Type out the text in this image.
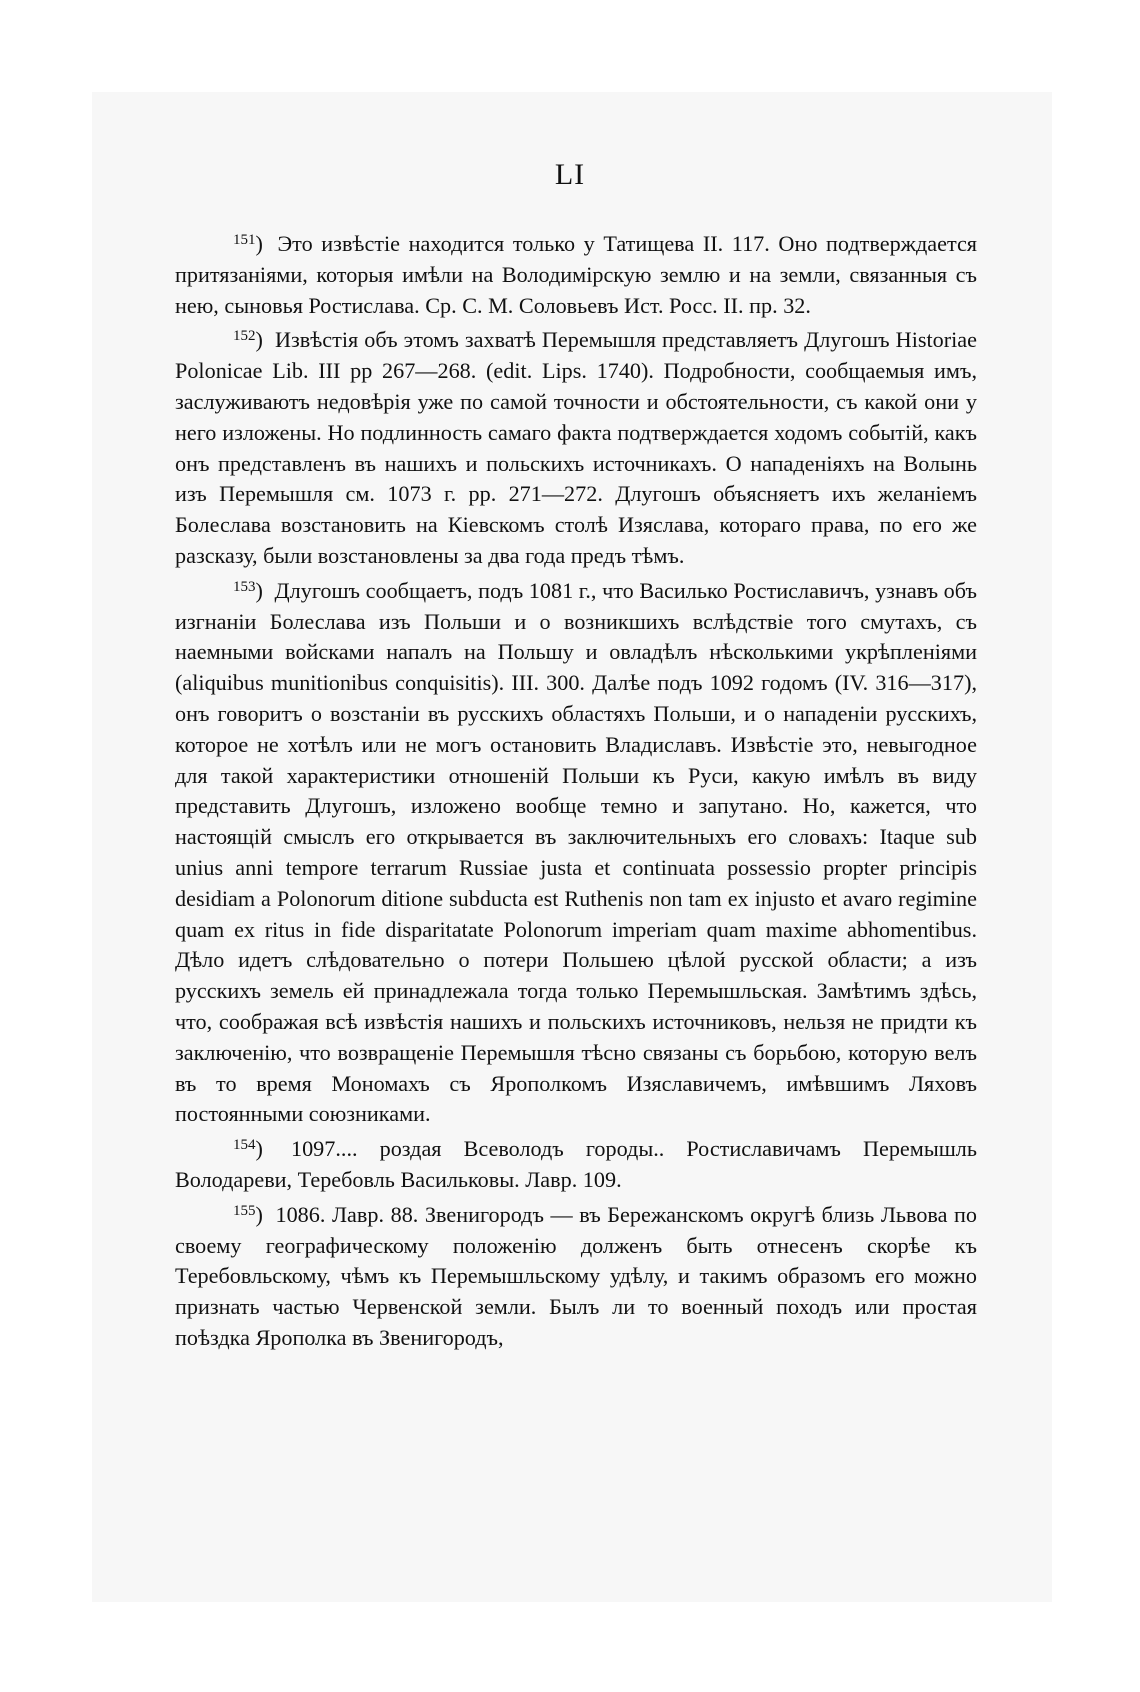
LI

$^{151}$) Это извѣстіе находится только у Татищева II. 117. Оно подтверждается притязаніями, которыя имѣли на Володимірскую землю и на земли, связанныя съ нею, сыновья Ростислава. Ср. С. М. Соловьевъ Ист. Росс. II. пр. 32.

$^{152}$) Извѣстія объ этомъ захватѣ Перемышля представляетъ Длугошъ Historiae Polonicae Lib. III pp 267—268. (edit. Lips. 1740). Подробности, сообщаемыя имъ, заслуживаютъ недовѣрія уже по самой точности и обстоятельности, съ какой они у него изложены. Но подлинность самаго факта подтверждается ходомъ событій, какъ онъ представленъ въ нашихъ и польскихъ источникахъ. О нападеніяхъ на Волынь изъ Перемышля см. 1073 г. pp. 271—272. Длугошъ объясняетъ ихъ желаніемъ Болеслава возстановить на Кіевскомъ столѣ Изяслава, котораго права, по его же разсказу, были возстановлены за два года предъ тѣмъ.

$^{153}$) Длугошъ сообщаетъ, подъ 1081 г., что Василько Ростиславичъ, узнавъ объ изгнаніи Болеслава изъ Польши и о возникшихъ вслѣдствіе того смутахъ, съ наемными войсками напалъ на Польшу и овладѣлъ нѣсколькими укрѣпленіями (aliquibus munitionibus conquisitis). III. 300. Далѣе подъ 1092 годомъ (IV. 316—317), онъ говоритъ о возстаніи въ русскихъ областяхъ Польши, и о нападеніи русскихъ, которое не хотѣлъ или не могъ остановить Владиславъ. Извѣстіе это, невыгодное для такой характеристики отношеній Польши къ Руси, какую имѣлъ въ виду представить Длугошъ, изложено вообще темно и запутано. Но, кажется, что настоящій смыслъ его открывается въ заключительныхъ его словахъ: Itaque sub unius anni tempore terrarum Russiae justa et continuata possessio propter principis desidiam a Polonorum ditione subducta est Ruthenis non tam ex injusto et avaro regimine quam ex ritus in fide disparitatate Polonorum imperiam quam maxime abhomentibus. Дѣло идетъ слѣдовательно о потери Польшею цѣлой русской области; а изъ русскихъ земель ей принадлежала тогда только Перемышльская. Замѣтимъ здѣсь, что, соображая всѣ извѣстія нашихъ и польскихъ источниковъ, нельзя не придти къ заключенію, что возвращеніе Перемышля тѣсно связаны съ борьбою, которую велъ въ то время Мономахъ съ Ярополкомъ Изяславичемъ, имѣвшимъ Ляховъ постоянными союзниками.

$^{154}$) 1097.... роздая Всеволодъ городы.. Ростиславичамъ Перемышль Володареви, Теребовль Васильковы. Лавр. 109.

$^{155}$) 1086. Лавр. 88. Звенигородъ — въ Бережанскомъ округѣ близь Львова по своему географическому положенію долженъ быть отнесенъ скорѣе къ Теребовльскому, чѣмъ къ Перемышльскому удѣлу, и такимъ образомъ его можно признать частью Червенской земли. Былъ ли то военный походъ или простая поѣздка Ярополка въ Звенигородъ,
